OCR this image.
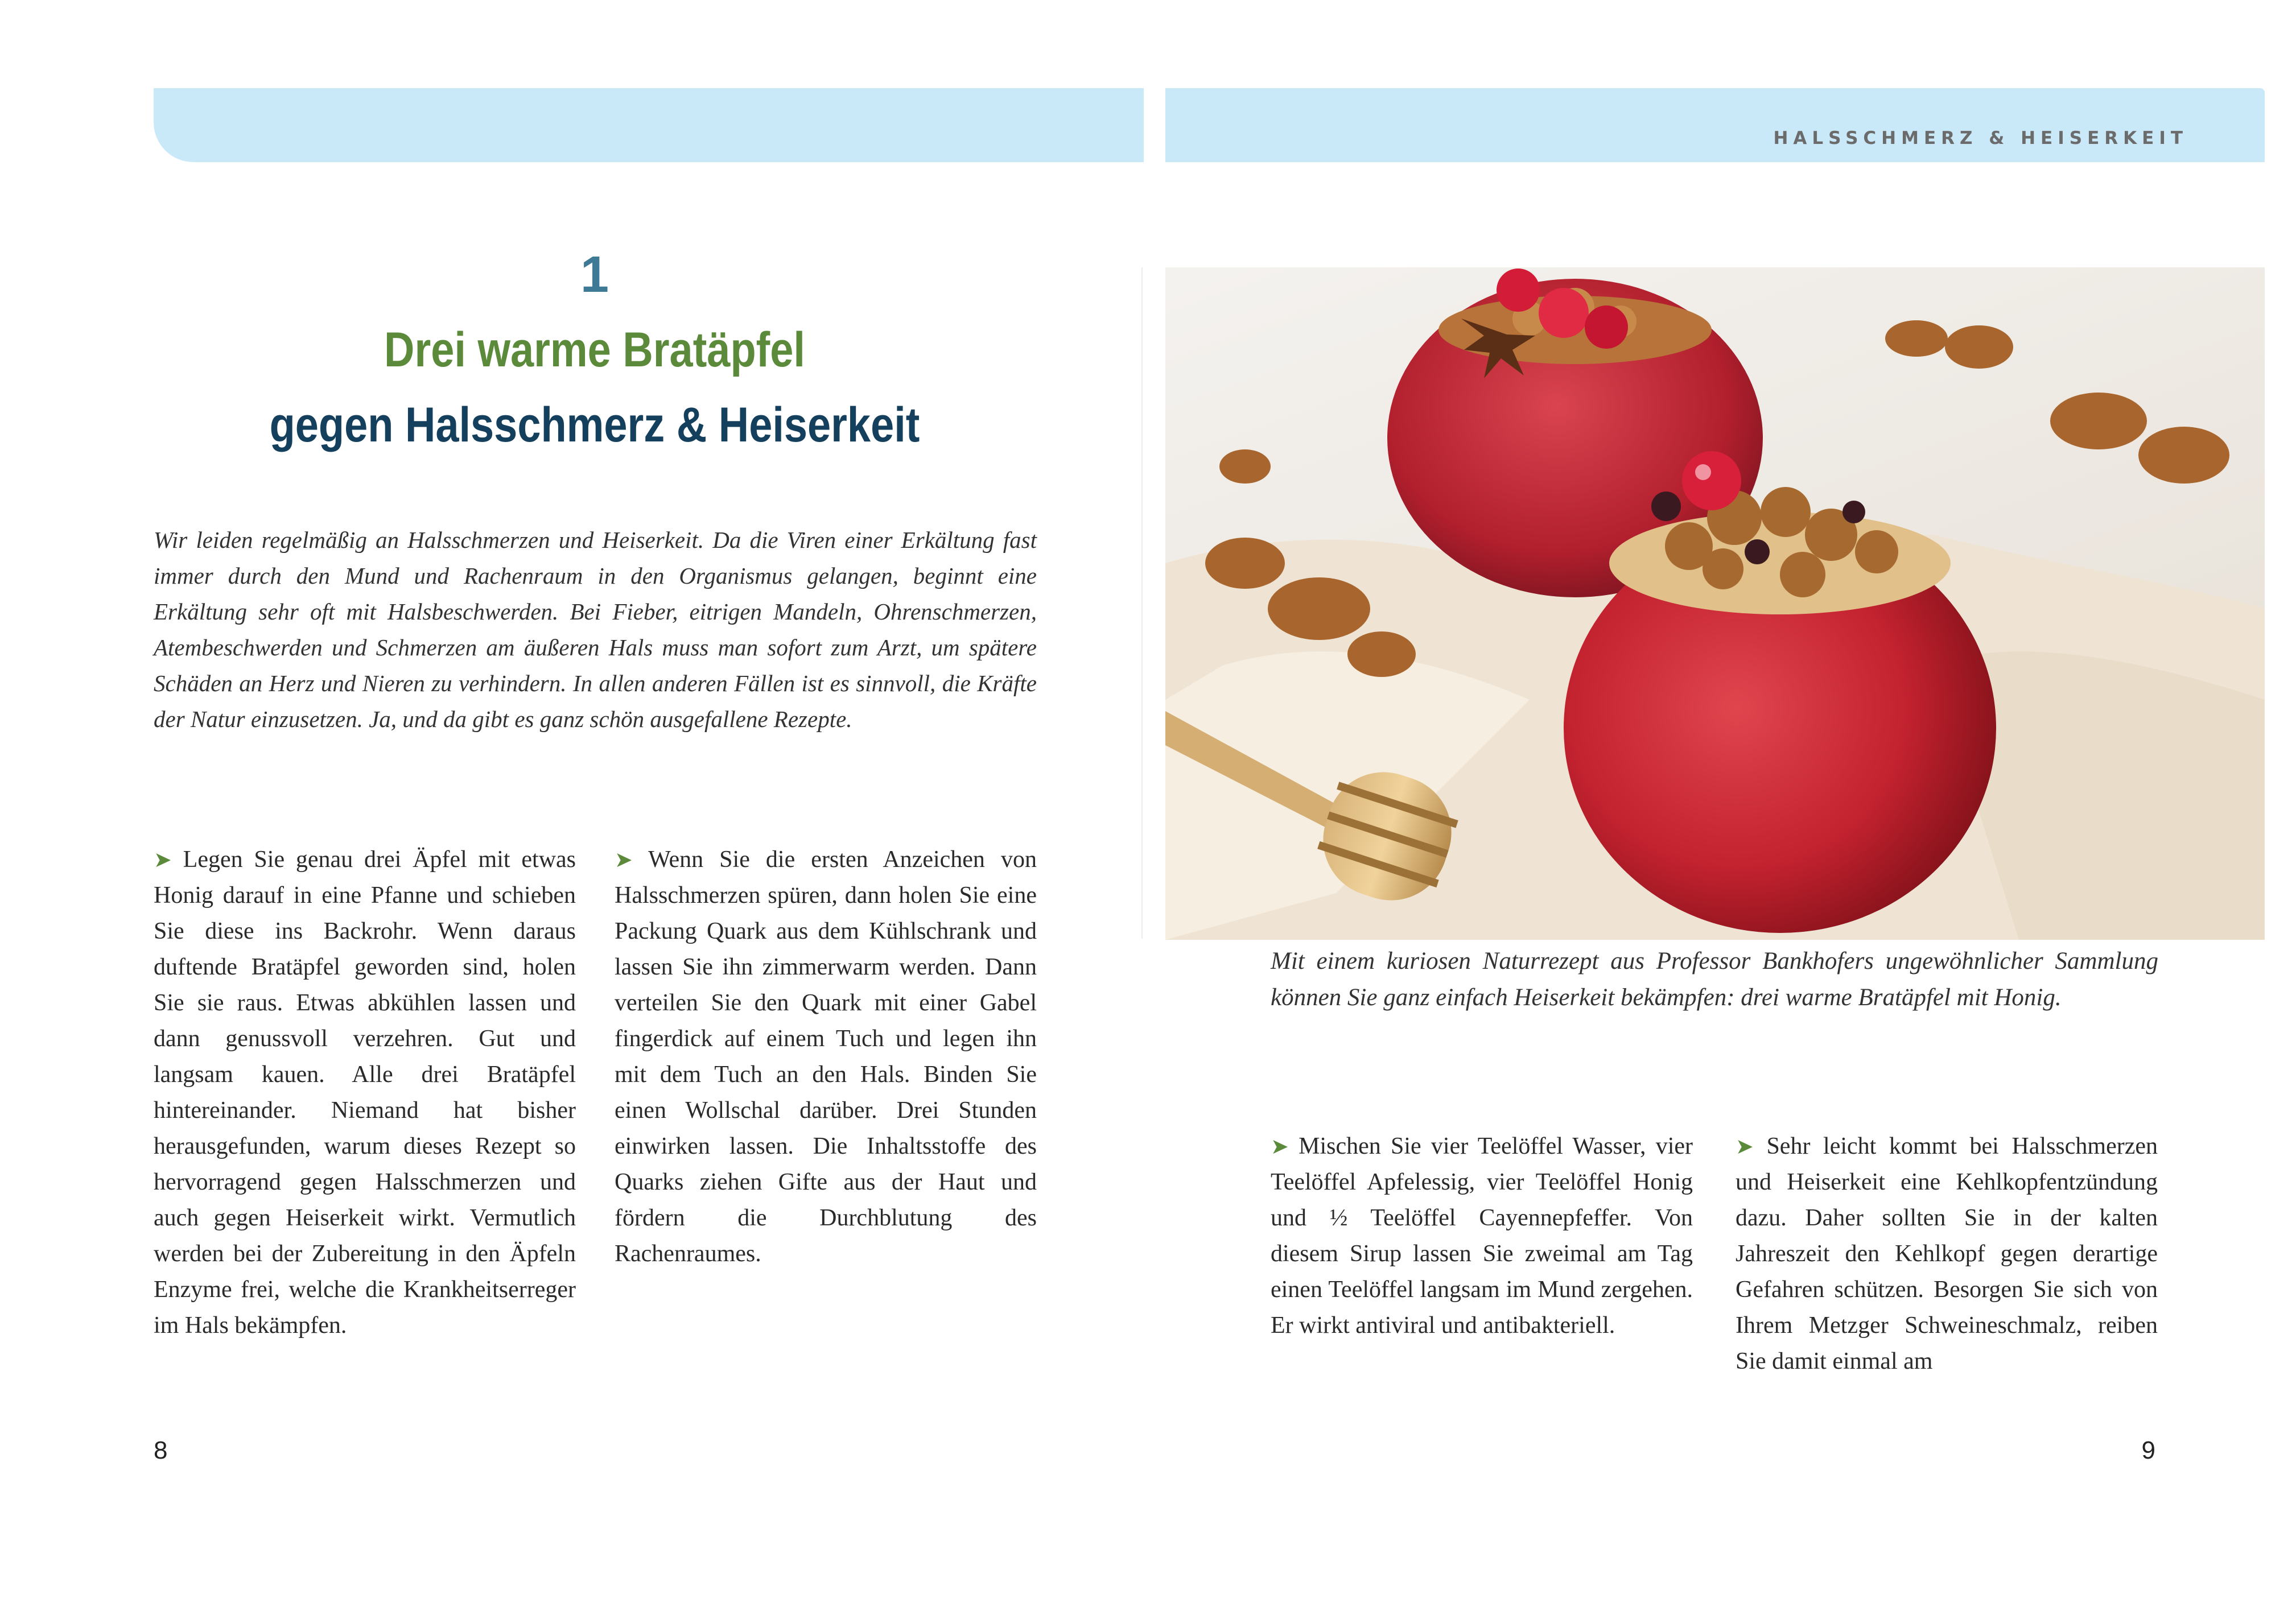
HALSSCHMERZ & HEISERKEIT
1
Drei warme Bratäpfel
gegen Halsschmerz & Heiserkeit
Wir leiden regelmäßig an Halsschmerzen und Heiserkeit. Da die Viren einer Erkältung fast immer durch den Mund und Rachenraum in den Organismus gelangen, beginnt eine Erkältung sehr oft mit Halsbeschwerden. Bei Fieber, eitrigen Mandeln, Ohrenschmerzen, Atembeschwerden und Schmerzen am äußeren Hals muss man sofort zum Arzt, um spätere Schäden an Herz und Nieren zu verhindern. In allen anderen Fällen ist es sinnvoll, die Kräfte der Natur einzusetzen. Ja, und da gibt es ganz schön ausgefallene Rezepte.
➤ Legen Sie genau drei Äpfel mit etwas Honig darauf in eine Pfanne und schieben Sie diese ins Backrohr. Wenn daraus duftende Bratäpfel geworden sind, holen Sie sie raus. Etwas abkühlen lassen und dann genussvoll verzehren. Gut und langsam kauen. Alle drei Bratäpfel hintereinander. Niemand hat bisher herausgefunden, warum dieses Rezept so hervorragend gegen Halsschmerzen und auch gegen Heiserkeit wirkt. Vermutlich werden bei der Zubereitung in den Äpfeln Enzyme frei, welche die Krankheitserreger im Hals bekämpfen.
➤ Wenn Sie die ersten Anzeichen von Halsschmerzen spüren, dann holen Sie eine Packung Quark aus dem Kühlschrank und lassen Sie ihn zimmerwarm werden. Dann verteilen Sie den Quark mit einer Gabel fingerdick auf einem Tuch und legen ihn mit dem Tuch an den Hals. Binden Sie einen Wollschal darüber. Drei Stunden einwirken lassen. Die Inhaltsstoffe des Quarks ziehen Gifte aus der Haut und fördern die Durchblutung des Rachenraumes.
Mit einem kuriosen Naturrezept aus Professor Bankhofers ungewöhnlicher Sammlung können Sie ganz einfach Heiserkeit bekämpfen: drei warme Bratäpfel mit Honig.
➤ Mischen Sie vier Teelöffel Wasser, vier Teelöffel Apfelessig, vier Teelöffel Honig und ½ Teelöffel Cayennepfeffer. Von diesem Sirup lassen Sie zweimal am Tag einen Teelöffel langsam im Mund zergehen. Er wirkt antiviral und antibakteriell.
➤ Sehr leicht kommt bei Halsschmerzen und Heiserkeit eine Kehlkopfentzündung dazu. Daher sollten Sie in der kalten Jahreszeit den Kehlkopf gegen derartige Gefahren schützen. Besorgen Sie sich von Ihrem Metzger Schweineschmalz, reiben Sie damit einmal am
8	9
